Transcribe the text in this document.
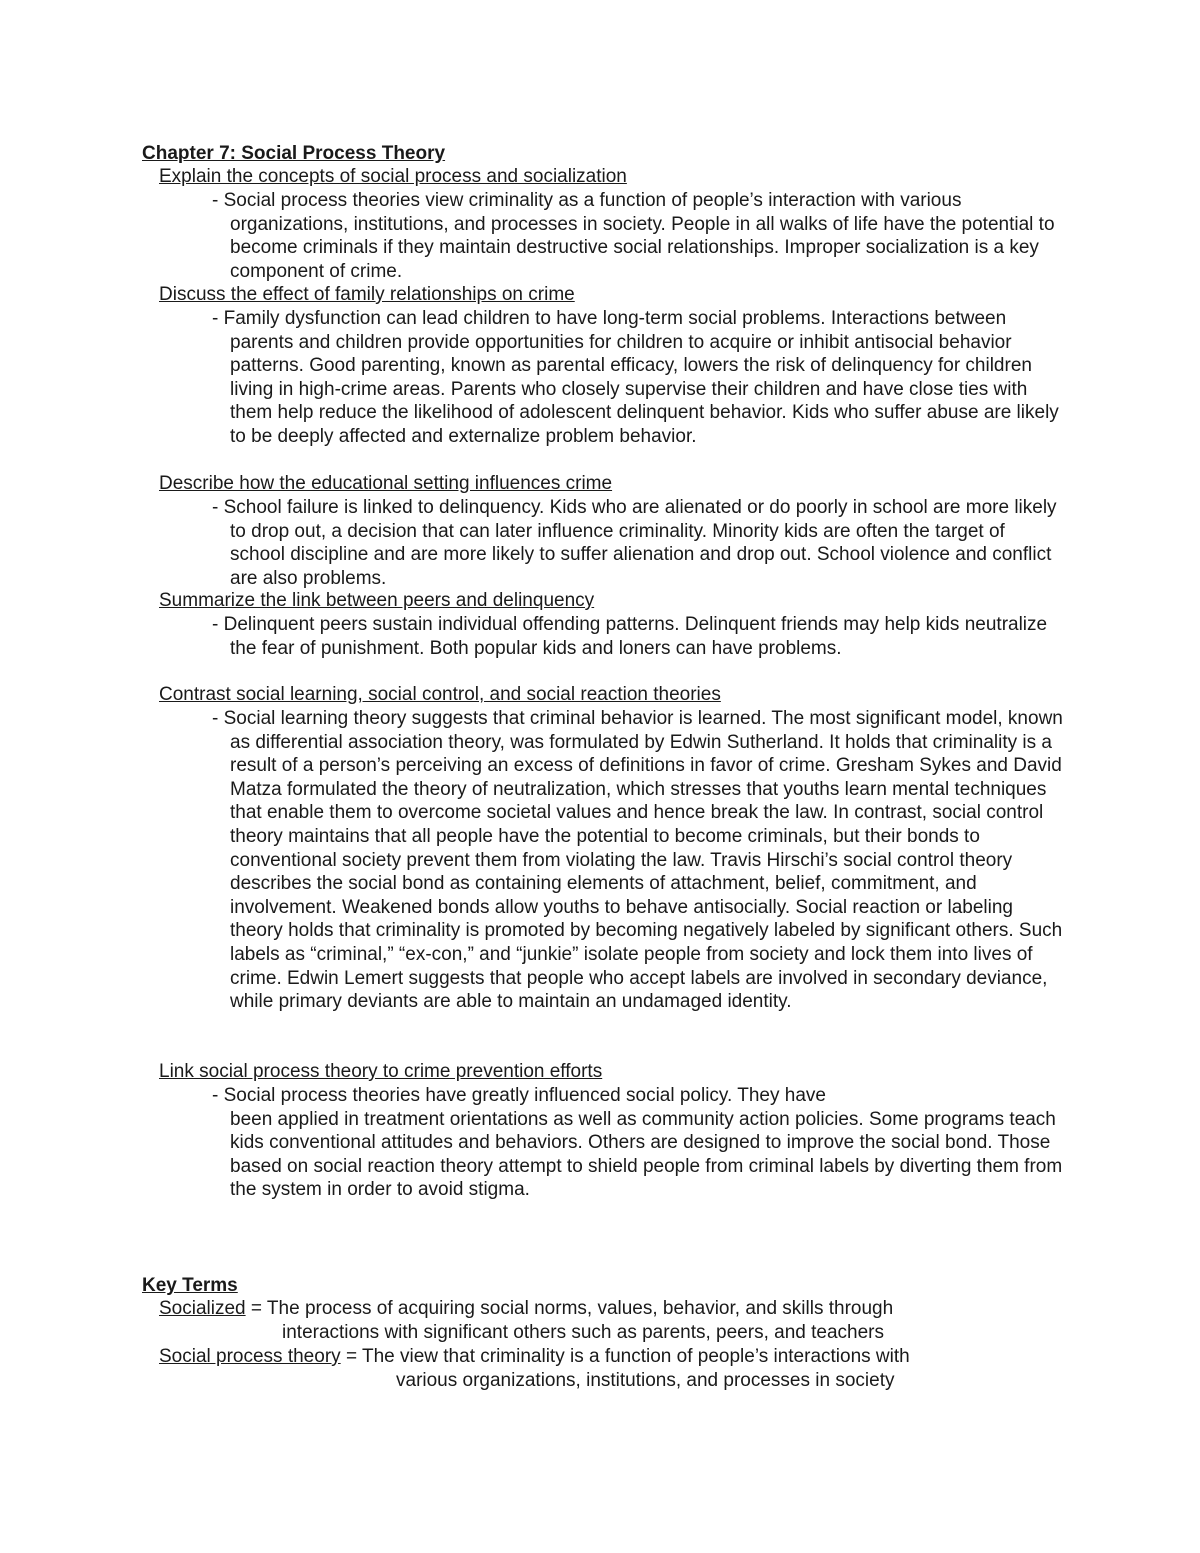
Chapter 7: Social Process Theory
Explain the concepts of social process and socialization
- Social process theories view criminality as a function of people’s interaction with various organizations, institutions, and processes in society. People in all walks of life have the potential to become criminals if they maintain destructive social relationships. Improper socialization is a key component of crime.
Discuss the effect of family relationships on crime
- Family dysfunction can lead children to have long-term social problems. Interactions between parents and children provide opportunities for children to acquire or inhibit antisocial behavior patterns. Good parenting, known as parental efficacy, lowers the risk of delinquency for children living in high-crime areas. Parents who closely supervise their children and have close ties with them help reduce the likelihood of adolescent delinquent behavior. Kids who suffer abuse are likely to be deeply affected and externalize problem behavior.
Describe how the educational setting influences crime
- School failure is linked to delinquency. Kids who are alienated or do poorly in school are more likely to drop out, a decision that can later influence criminality. Minority kids are often the target of school discipline and are more likely to suffer alienation and drop out. School violence and conflict are also problems.
Summarize the link between peers and delinquency
- Delinquent peers sustain individual offending patterns. Delinquent friends may help kids neutralize the fear of punishment. Both popular kids and loners can have problems.
Contrast social learning, social control, and social reaction theories
- Social learning theory suggests that criminal behavior is learned. The most significant model, known as differential association theory, was formulated by Edwin Sutherland. It holds that criminality is a result of a person’s perceiving an excess of definitions in favor of crime. Gresham Sykes and David Matza formulated the theory of neutralization, which stresses that youths learn mental techniques that enable them to overcome societal values and hence break the law. In contrast, social control theory maintains that all people have the potential to become criminals, but their bonds to conventional society prevent them from violating the law. Travis Hirschi’s social control theory describes the social bond as containing elements of attachment, belief, commitment, and involvement. Weakened bonds allow youths to behave antisocially. Social reaction or labeling theory holds that criminality is promoted by becoming negatively labeled by significant others. Such labels as “criminal,” “ex-con,” and “junkie” isolate people from society and lock them into lives of crime. Edwin Lemert suggests that people who accept labels are involved in secondary deviance, while primary deviants are able to maintain an undamaged identity.
Link social process theory to crime prevention efforts
- Social process theories have greatly influenced social policy. They have
been applied in treatment orientations as well as community action policies. Some programs teach kids conventional attitudes and behaviors. Others are designed to improve the social bond. Those based on social reaction theory attempt to shield people from criminal labels by diverting them from the system in order to avoid stigma.
Key Terms
Socialized = The process of acquiring social norms, values, behavior, and skills through
interactions with significant others such as parents, peers, and teachers
Social process theory = The view that criminality is a function of people’s interactions with
various organizations, institutions, and processes in society
